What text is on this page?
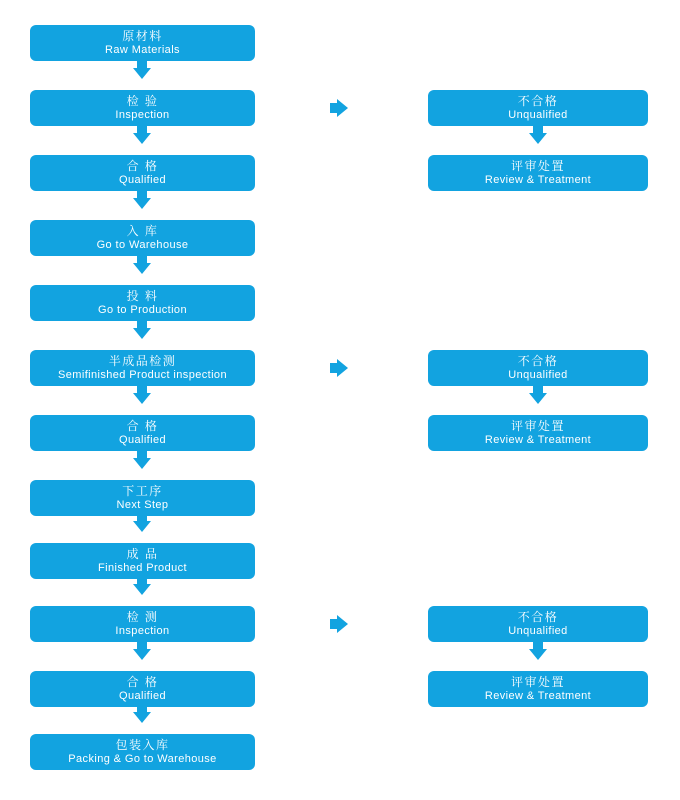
原材料
Raw Materials
检 验
Inspection
合 格
Qualified
入 库
Go to Warehouse
投 料
Go to Production
半成品检测
Semifinished Product inspection
合 格
Qualified
下工序
Next Step
成 品
Finished Product
检 测
Inspection
合 格
Qualified
包装入库
Packing & Go to Warehouse
不合格
Unqualified
评审处置
Review & Treatment
不合格
Unqualified
评审处置
Review & Treatment
不合格
Unqualified
评审处置
Review & Treatment
